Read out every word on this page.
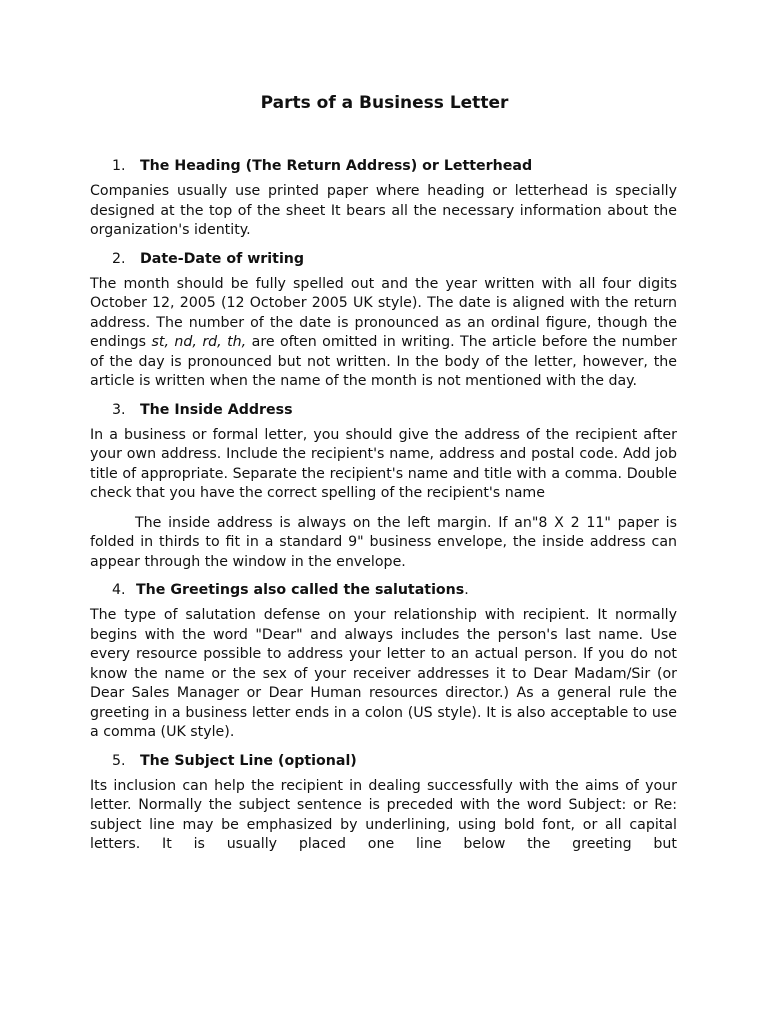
Parts of a Business Letter
1.	The Heading (The Return Address) or Letterhead

Companies usually use printed paper where heading or letterhead is specially designed at the top of the sheet It bears all the necessary information about the organization's identity.

2.	Date-Date of writing

The month should be fully spelled out and the year written with all four digits October 12, 2005 (12 October 2005 UK style). The date is aligned with the return address. The number of the date is pronounced as an ordinal figure, though the endings st, nd, rd, th, are often omitted in writing. The article before the number of the day is pronounced but not written. In the body of the letter, however, the article is written when the name of the month is not mentioned with the day.

3.	The Inside Address

In a business or formal letter, you should give the address of the recipient after your own address. Include the recipient's name, address and postal code. Add job title of appropriate. Separate the recipient's name and title with a comma. Double check that you have the correct spelling of the recipient's name

The inside address is always on the left margin. If an"8 X 2 11" paper is folded in thirds to fit in a standard 9" business envelope, the inside address can appear through the window in the envelope.

4. The Greetings also called the salutations .

The type of salutation defense on your relationship with recipient. It normally begins with the word "Dear" and always includes the person's last name. Use every resource possible to address your letter to an actual person. If you do not know the name or the sex of your receiver addresses it to Dear Madam/Sir (or Dear Sales Manager or Dear Human resources director.) As a general rule the greeting in a business letter ends in a colon (US style). It is also acceptable to use a comma (UK style).

5.	The Subject Line (optional)

Its inclusion can help the recipient in dealing successfully with the aims of your letter. Normally the subject sentence is preceded with the word Subject: or Re: subject line may be emphasized by underlining, using bold font, or all capital letters. It is usually placed one line below the greeting but
